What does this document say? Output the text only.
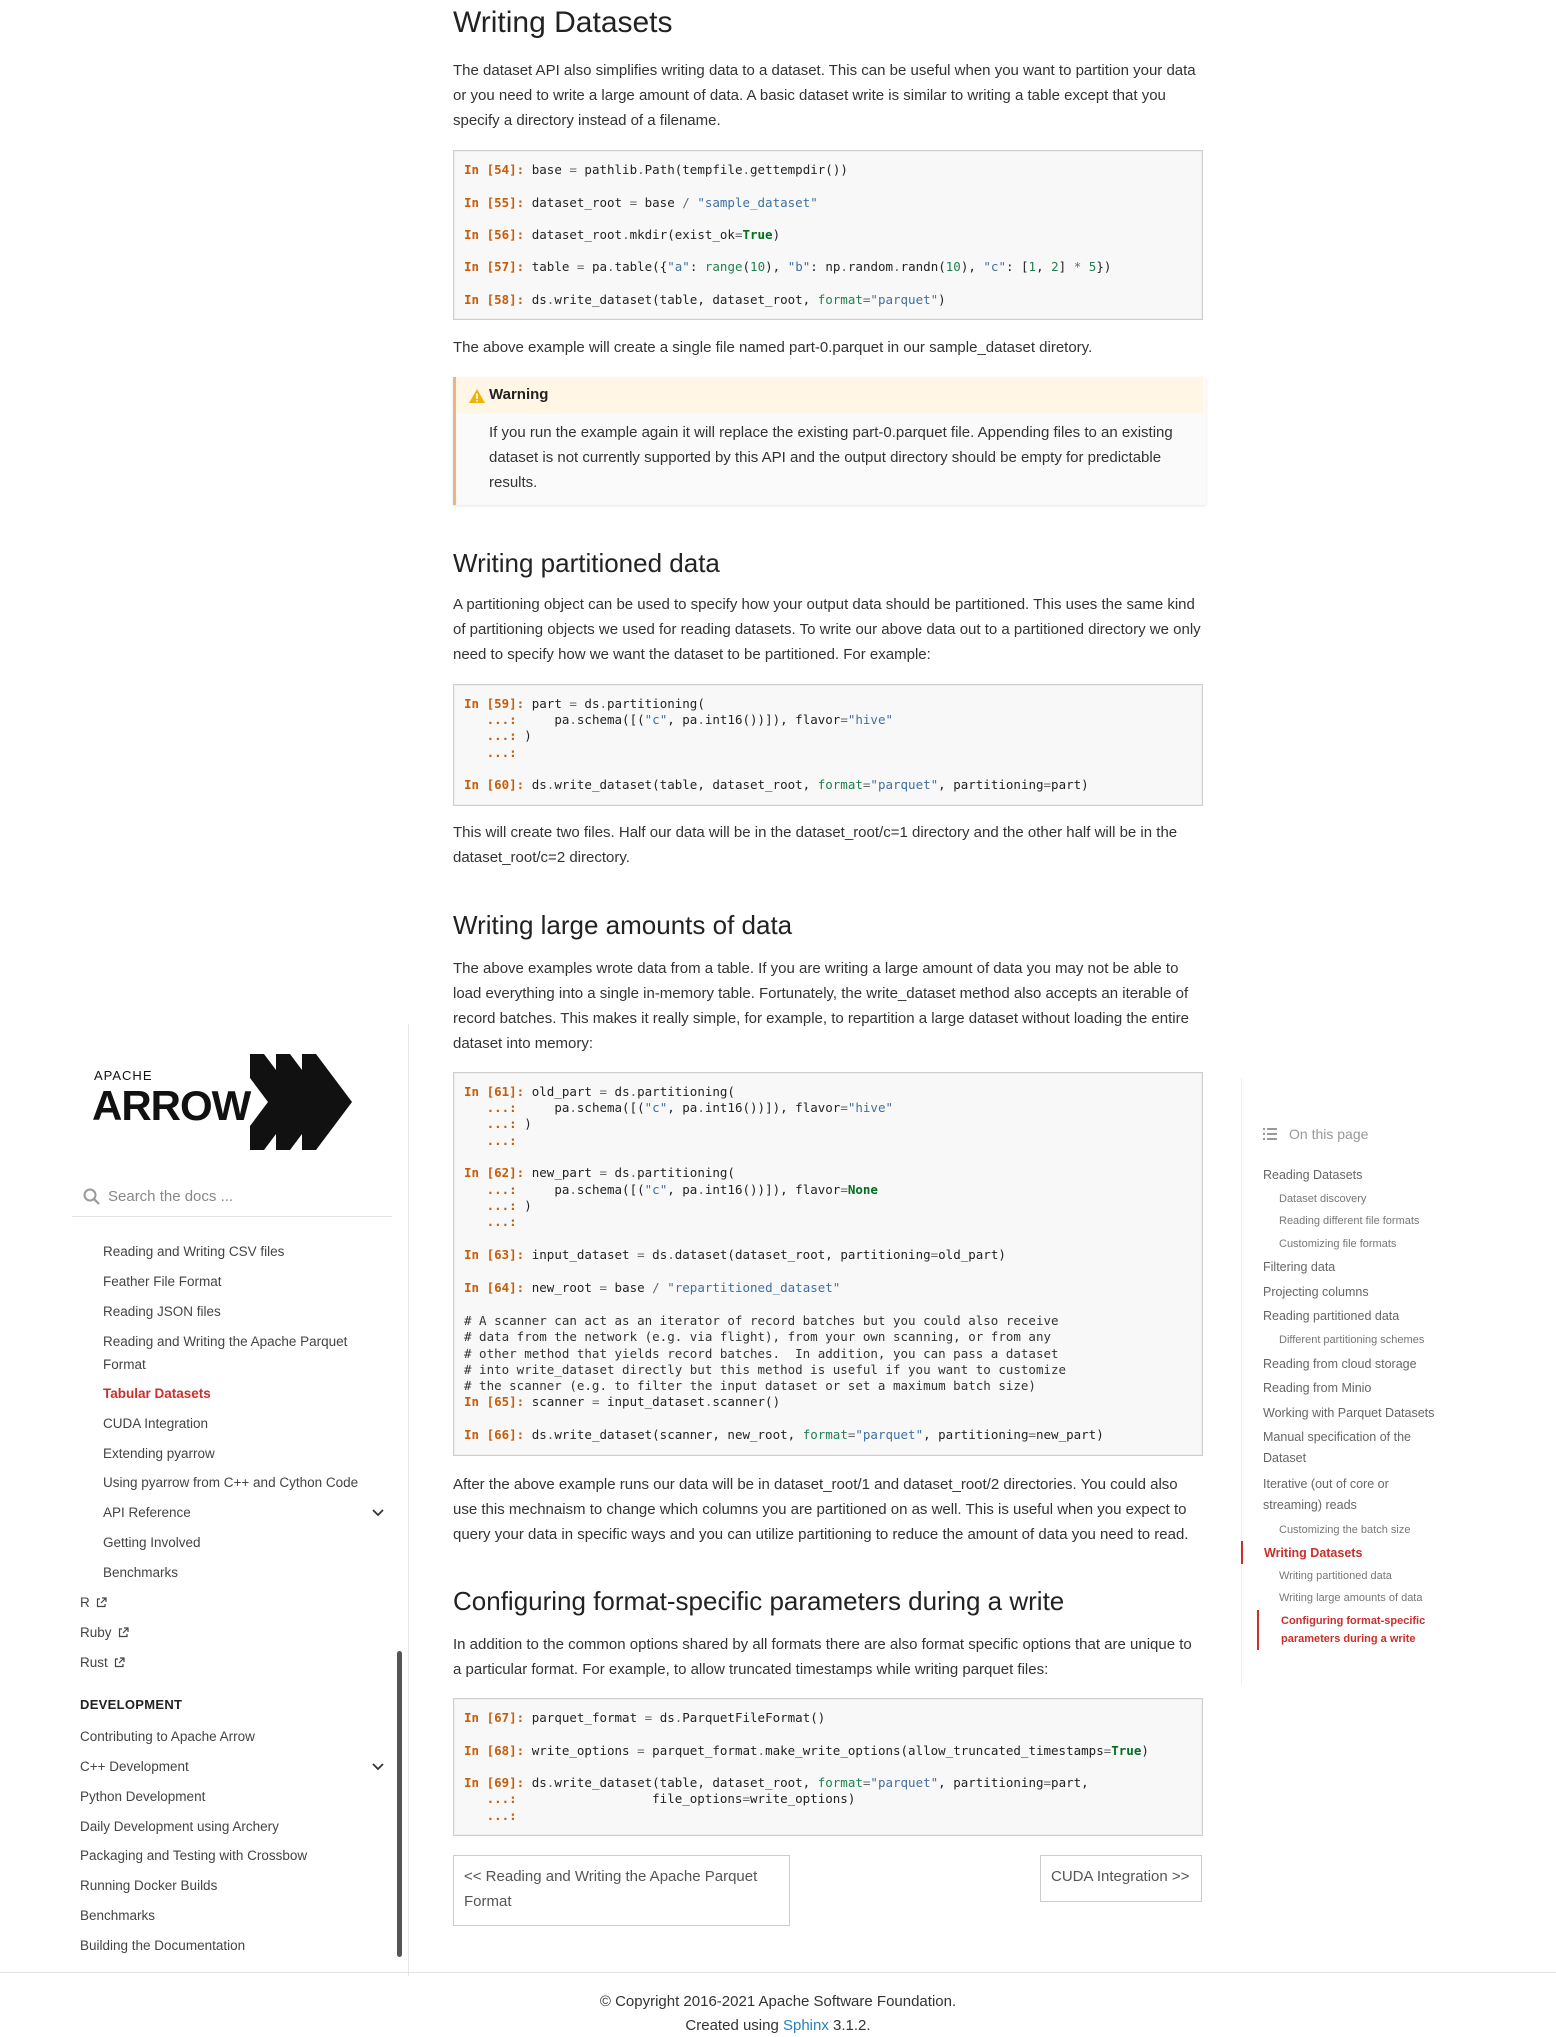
Writing Datasets

The dataset API also simplifies writing data to a dataset. This can be useful when you want to partition your data or you need to write a large amount of data. A basic dataset write is similar to writing a table except that you specify a directory instead of a filename.

In [54]: base = pathlib.Path(tempfile.gettempdir())
In [55]: dataset_root = base / "sample_dataset"
In [56]: dataset_root.mkdir(exist_ok=True)
In [57]: table = pa.table({"a": range(10), "b": np.random.randn(10), "c": [1, 2] * 5})
In [58]: ds.write_dataset(table, dataset_root, format="parquet")

The above example will create a single file named part-0.parquet in our sample_dataset diretory.

Warning
If you run the example again it will replace the existing part-0.parquet file. Appending files to an existing dataset is not currently supported by this API and the output directory should be empty for predictable results.
Writing partitioned data

A partitioning object can be used to specify how your output data should be partitioned. This uses the same kind of partitioning objects we used for reading datasets. To write our above data out to a partitioned directory we only need to specify how we want the dataset to be partitioned. For example:

In [59]: part = ds.partitioning(
...:     pa.schema([("c", pa.int16())]), flavor="hive"
...: )
...:
In [60]: ds.write_dataset(table, dataset_root, format="parquet", partitioning=part)

This will create two files. Half our data will be in the dataset_root/c=1 directory and the other half will be in the dataset_root/c=2 directory.

Writing large amounts of data

The above examples wrote data from a table. If you are writing a large amount of data you may not be able to load everything into a single in-memory table. Fortunately, the write_dataset method also accepts an iterable of record batches. This makes it really simple, for example, to repartition a large dataset without loading the entire dataset into memory:

In [61]: old_part = ds.partitioning(
...:     pa.schema([("c", pa.int16())]), flavor="hive"
...: )
...:
In [62]: new_part = ds.partitioning(
...:     pa.schema([("c", pa.int16())]), flavor=None
...: )
...:
In [63]: input_dataset = ds.dataset(dataset_root, partitioning=old_part)
In [64]: new_root = base / "repartitioned_dataset"
# A scanner can act as an iterator of record batches but you could also receive
# data from the network (e.g. via flight), from your own scanning, or from any
# other method that yields record batches.  In addition, you can pass a dataset
# into write_dataset directly but this method is useful if you want to customize
# the scanner (e.g. to filter the input dataset or set a maximum batch size)
In [65]: scanner = input_dataset.scanner()
In [66]: ds.write_dataset(scanner, new_root, format="parquet", partitioning=new_part)

After the above example runs our data will be in dataset_root/1 and dataset_root/2 directories. You could also use this mechnaism to change which columns you are partitioned on as well. This is useful when you expect to query your data in specific ways and you can utilize partitioning to reduce the amount of data you need to read.

Configuring format-specific parameters during a write

In addition to the common options shared by all formats there are also format specific options that are unique to a particular format. For example, to allow truncated timestamps while writing parquet files:

In [67]: parquet_format = ds.ParquetFileFormat()
In [68]: write_options = parquet_format.make_write_options(allow_truncated_timestamps=True)
In [69]: ds.write_dataset(table, dataset_root, format="parquet", partitioning=part,
...:                  file_options=write_options)
...:
<< Reading and Writing the Apache Parquet Format
CUDA Integration >>
APACHE
ARROW
Search the docs ...
Reading and Writing CSV files
Feather File Format
Reading JSON files
Reading and Writing the Apache Parquet
Format
Tabular Datasets
CUDA Integration
Extending pyarrow
Using pyarrow from C++ and Cython Code
API Reference
Getting Involved
Benchmarks
R
Ruby
Rust
DEVELOPMENT
Contributing to Apache Arrow
C++ Development
Python Development
Daily Development using Archery
Packaging and Testing with Crossbow
Running Docker Builds
Benchmarks
Building the Documentation
On this page
Reading Datasets
Dataset discovery
Reading different file formats
Customizing file formats
Filtering data
Projecting columns
Reading partitioned data
Different partitioning schemes
Reading from cloud storage
Reading from Minio
Working with Parquet Datasets
Manual specification of the
Dataset
Iterative (out of core or
streaming) reads
Customizing the batch size
Writing Datasets
Writing partitioned data
Writing large amounts of data
Configuring format-specific
parameters during a write
© Copyright 2016-2021 Apache Software Foundation.
Created using Sphinx 3.1.2.
